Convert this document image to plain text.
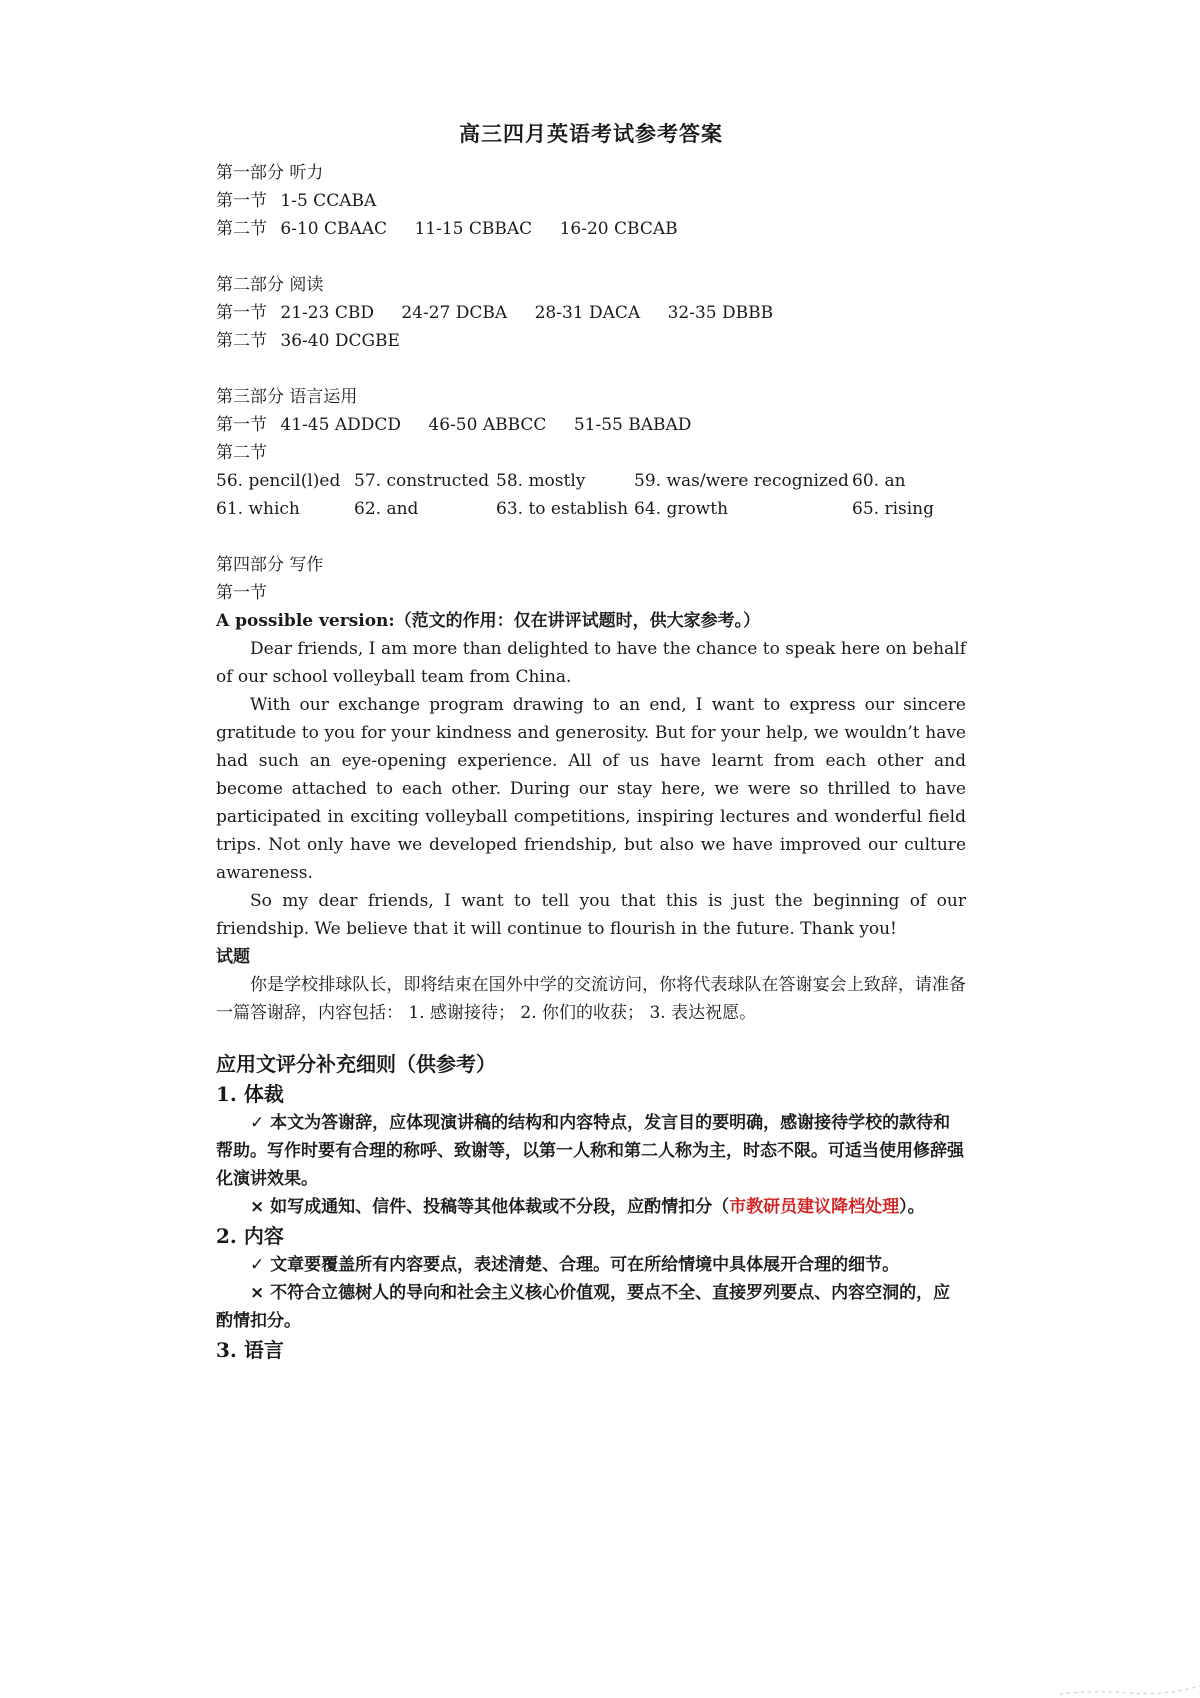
高三四月英语考试参考答案
第一部分 听力
第一节 1-5 CCABA
第二节 6-10 CBAAC 11-15 CBBAC 16-20 CBCAB
第二部分 阅读
第一节 21-23 CBD 24-27 DCBA 28-31 DACA 32-35 DBBB
第二节 36-40 DCGBE
第三部分 语言运用
第一节 41-45 ADDCD 46-50 ABBCC 51-55 BABAD
第二节
56. pencil(l)ed 57. constructed 58. mostly	59. was/were recognized 60. an
61. which	62. and	63. to establish 64. growth	65. rising
第四部分 写作
第一节
A possible version:（范文的作用：仅在讲评试题时，供大家参考。）
Dear friends, I am more than delighted to have the chance to speak here on behalf of our school volleyball team from China.
With our exchange program drawing to an end, I want to express our sincere gratitude to you for your kindness and generosity. But for your help, we wouldn’t have had such an eye-opening experience. All of us have learnt from each other and become attached to each other. During our stay here, we were so thrilled to have participated in exciting volleyball competitions, inspiring lectures and wonderful field trips. Not only have we developed friendship, but also we have improved our culture awareness.
So my dear friends, I want to tell you that this is just the beginning of our friendship. We believe that it will continue to flourish in the future. Thank you!
试题
你是学校排球队长，即将结束在国外中学的交流访问，你将代表球队在答谢宴会上致辞，请准备一篇答谢辞，内容包括： 1. 感谢接待； 2. 你们的收获； 3. 表达祝愿。
应用文评分补充细则（供参考）
1. 体裁
✓ 本文为答谢辞，应体现演讲稿的结构和内容特点，发言目的要明确，感谢接待学校的款待和帮助。写作时要有合理的称呼、致谢等，以第一人称和第二人称为主，时态不限。可适当使用修辞强化演讲效果。
× 如写成通知、信件、投稿等其他体裁或不分段，应酌情扣分（市教研员建议降档处理）。
2. 内容
✓ 文章要覆盖所有内容要点，表述清楚、合理。可在所给情境中具体展开合理的细节。
× 不符合立德树人的导向和社会主义核心价值观，要点不全、直接罗列要点、内容空洞的，应酌情扣分。
3. 语言
